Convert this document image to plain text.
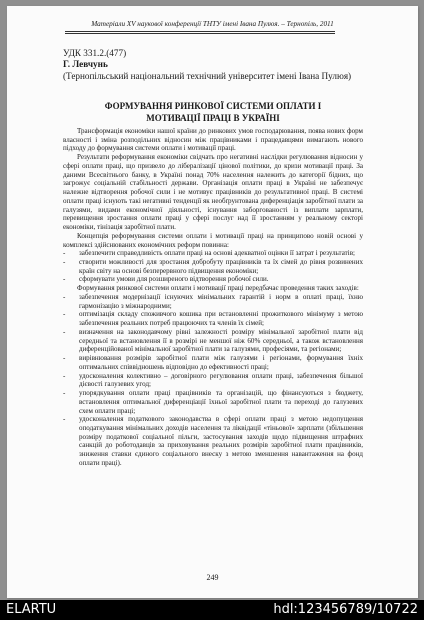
Матеріали XV наукової конференції ТНТУ імені Івана Пулюя. – Тернопіль, 2011
УДК 331.2.(477)
Г. Левчунь
(Тернопільський національний технічний університет імені Івана Пулюя)
ФОРМУВАННЯ РИНКОВОЇ СИСТЕМИ ОПЛАТИ І
МОТИВАЦІЇ ПРАЦІ В УКРАЇНІ

Трансформація економіки нашої країни до ринкових умов господарювання, поява нових форм власності і зміна розподільних відносин між працівниками і працедавцями вимагають нового підходу до формування системи оплати і мотивації праці.

Результати реформування економіки свідчать про негативні наслідки регулювання відносин у сфері оплати праці, що призвело до лібералізації цінової політики, до кризи мотивації праці. За даними Всесвітнього банку, в Україні понад 70% населення належить до категорії бідних, що загрожує соціальній стабільності держави. Організація оплати праці в Україні не забезпечує належне відтворення робочої сили і не мотивує працівників до результативної праці. В системі оплати праці існують такі негативні тенденції як необґрунтована диференціація заробітної плати за галузями, видами економічної діяльності, існування заборгованості із виплати зарплати, перевищення зростання оплати праці у сфері послуг над її зростанням у реальному секторі економіки, тінізація заробітної плати.

Концепція реформування системи оплати і мотивації праці на принципово новій основі у комплексі здійснюваних економічних реформ повинна:

- забезпечити справедливість оплати праці на основі адекватної оцінки її затрат і результатів;
- створити можливості для зростання добробуту працівників та їх сімей до рівня розвинених країн світу на основі безперервного підвищення економіки;
- сформувати умови для розширеного відтворення робочої сили.

Формування ринкової системи оплати і мотивації праці передбачає проведення таких заходів:

- забезпечення модернізації існуючих мінімальних гарантій і норм в оплаті праці, їхню гармонізацію з міжнародними;
- оптимізація складу споживчого кошика при встановленні прожиткового мінімуму з метою забезпечення реальних потреб працюючих та членів їх сімей;
- визначення на законодавчому рівні залежності розміру мінімальної заробітної плати від середньої та встановлення її в розмірі не меншої ніж 60% середньої, а також встановлення диференційованої мінімальної заробітної плати за галузями, професіями, та регіонами;
- вирівнювання розмірів заробітної плати між галузями і регіонами, формування їхніх оптимальних співвідношень відповідно до ефективності праці;
- удосконалення колективно – договірного регулювання оплати праці, забезпечення більшої дієвості галузевих угод;
- упорядкування оплати праці працівників та організацій, що фінансуються з бюджету, встановлення оптимальної диференціації їхньої заробітної плати та переході до галузевих схем оплати праці;
- удосконалення податкового законодавства в сфері оплати праці з метою недопущення оподаткування мінімальних доходів населення та ліквідації «тіньової» зарплати (збільшення розміру податкової соціальної пільги, застосування заходів щодо підвищення штрафних санкцій до роботодавців за приховування реальних розмірів заробітної плати працівників, зниження ставки єдиного соціального внеску з метою зменшення навантаження на фонд оплати праці).
249
ELARTU	hdl:123456789/10722
